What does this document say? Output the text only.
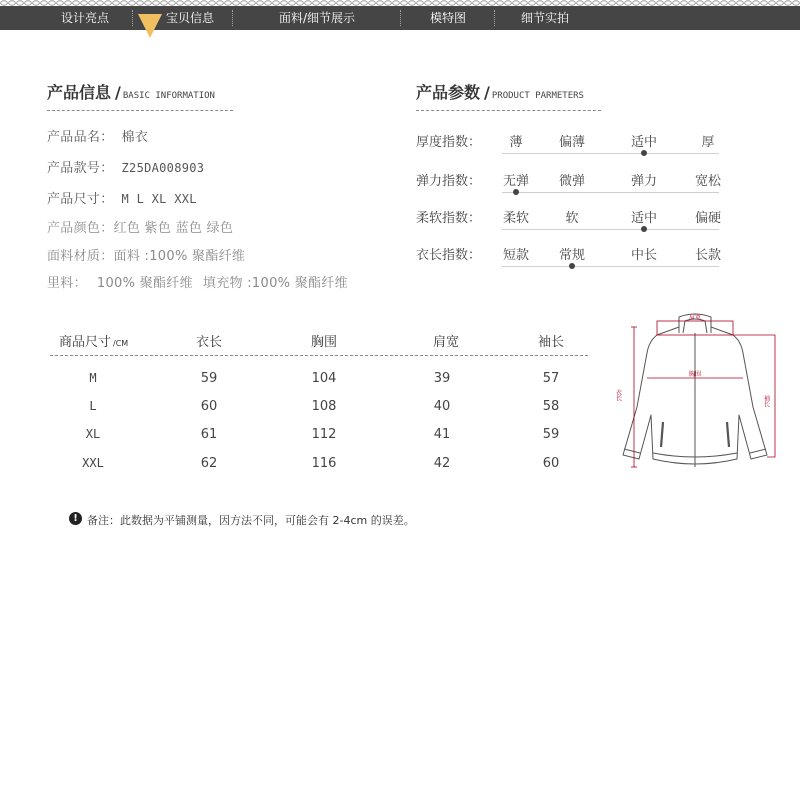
设计亮点	宝贝信息	面料/细节展示	模特图	细节实拍
产品信息 / BASIC INFORMATION
产品品名： 棉衣
产品款号： Z25DA008903
产品尺寸： M L XL XXL
产品颜色：红色 紫色 蓝色 绿色
面料材质：面料 :100% 聚酯纤维
里料： 100% 聚酯纤维 填充物 :100% 聚酯纤维
产品参数 / PRODUCT PARMETERS
厚度指数： 薄	偏薄	适中	厚
弹力指数： 无弹 微弹	弹力	宽松
柔软指数： 柔软	软	适中	偏硬
衣长指数： 短款 常规	中长	长款
商品尺寸 /CM	衣长	胸围	肩宽	袖长
M	59	104	39	57
L	60	108	40	58
XL	61	112	41	59
XXL	62	116	42	60
! 备注：此数据为平铺测量，因方法不同，可能会有 2-4cm 的误差。
肩宽
胸围
衣长	袖长
